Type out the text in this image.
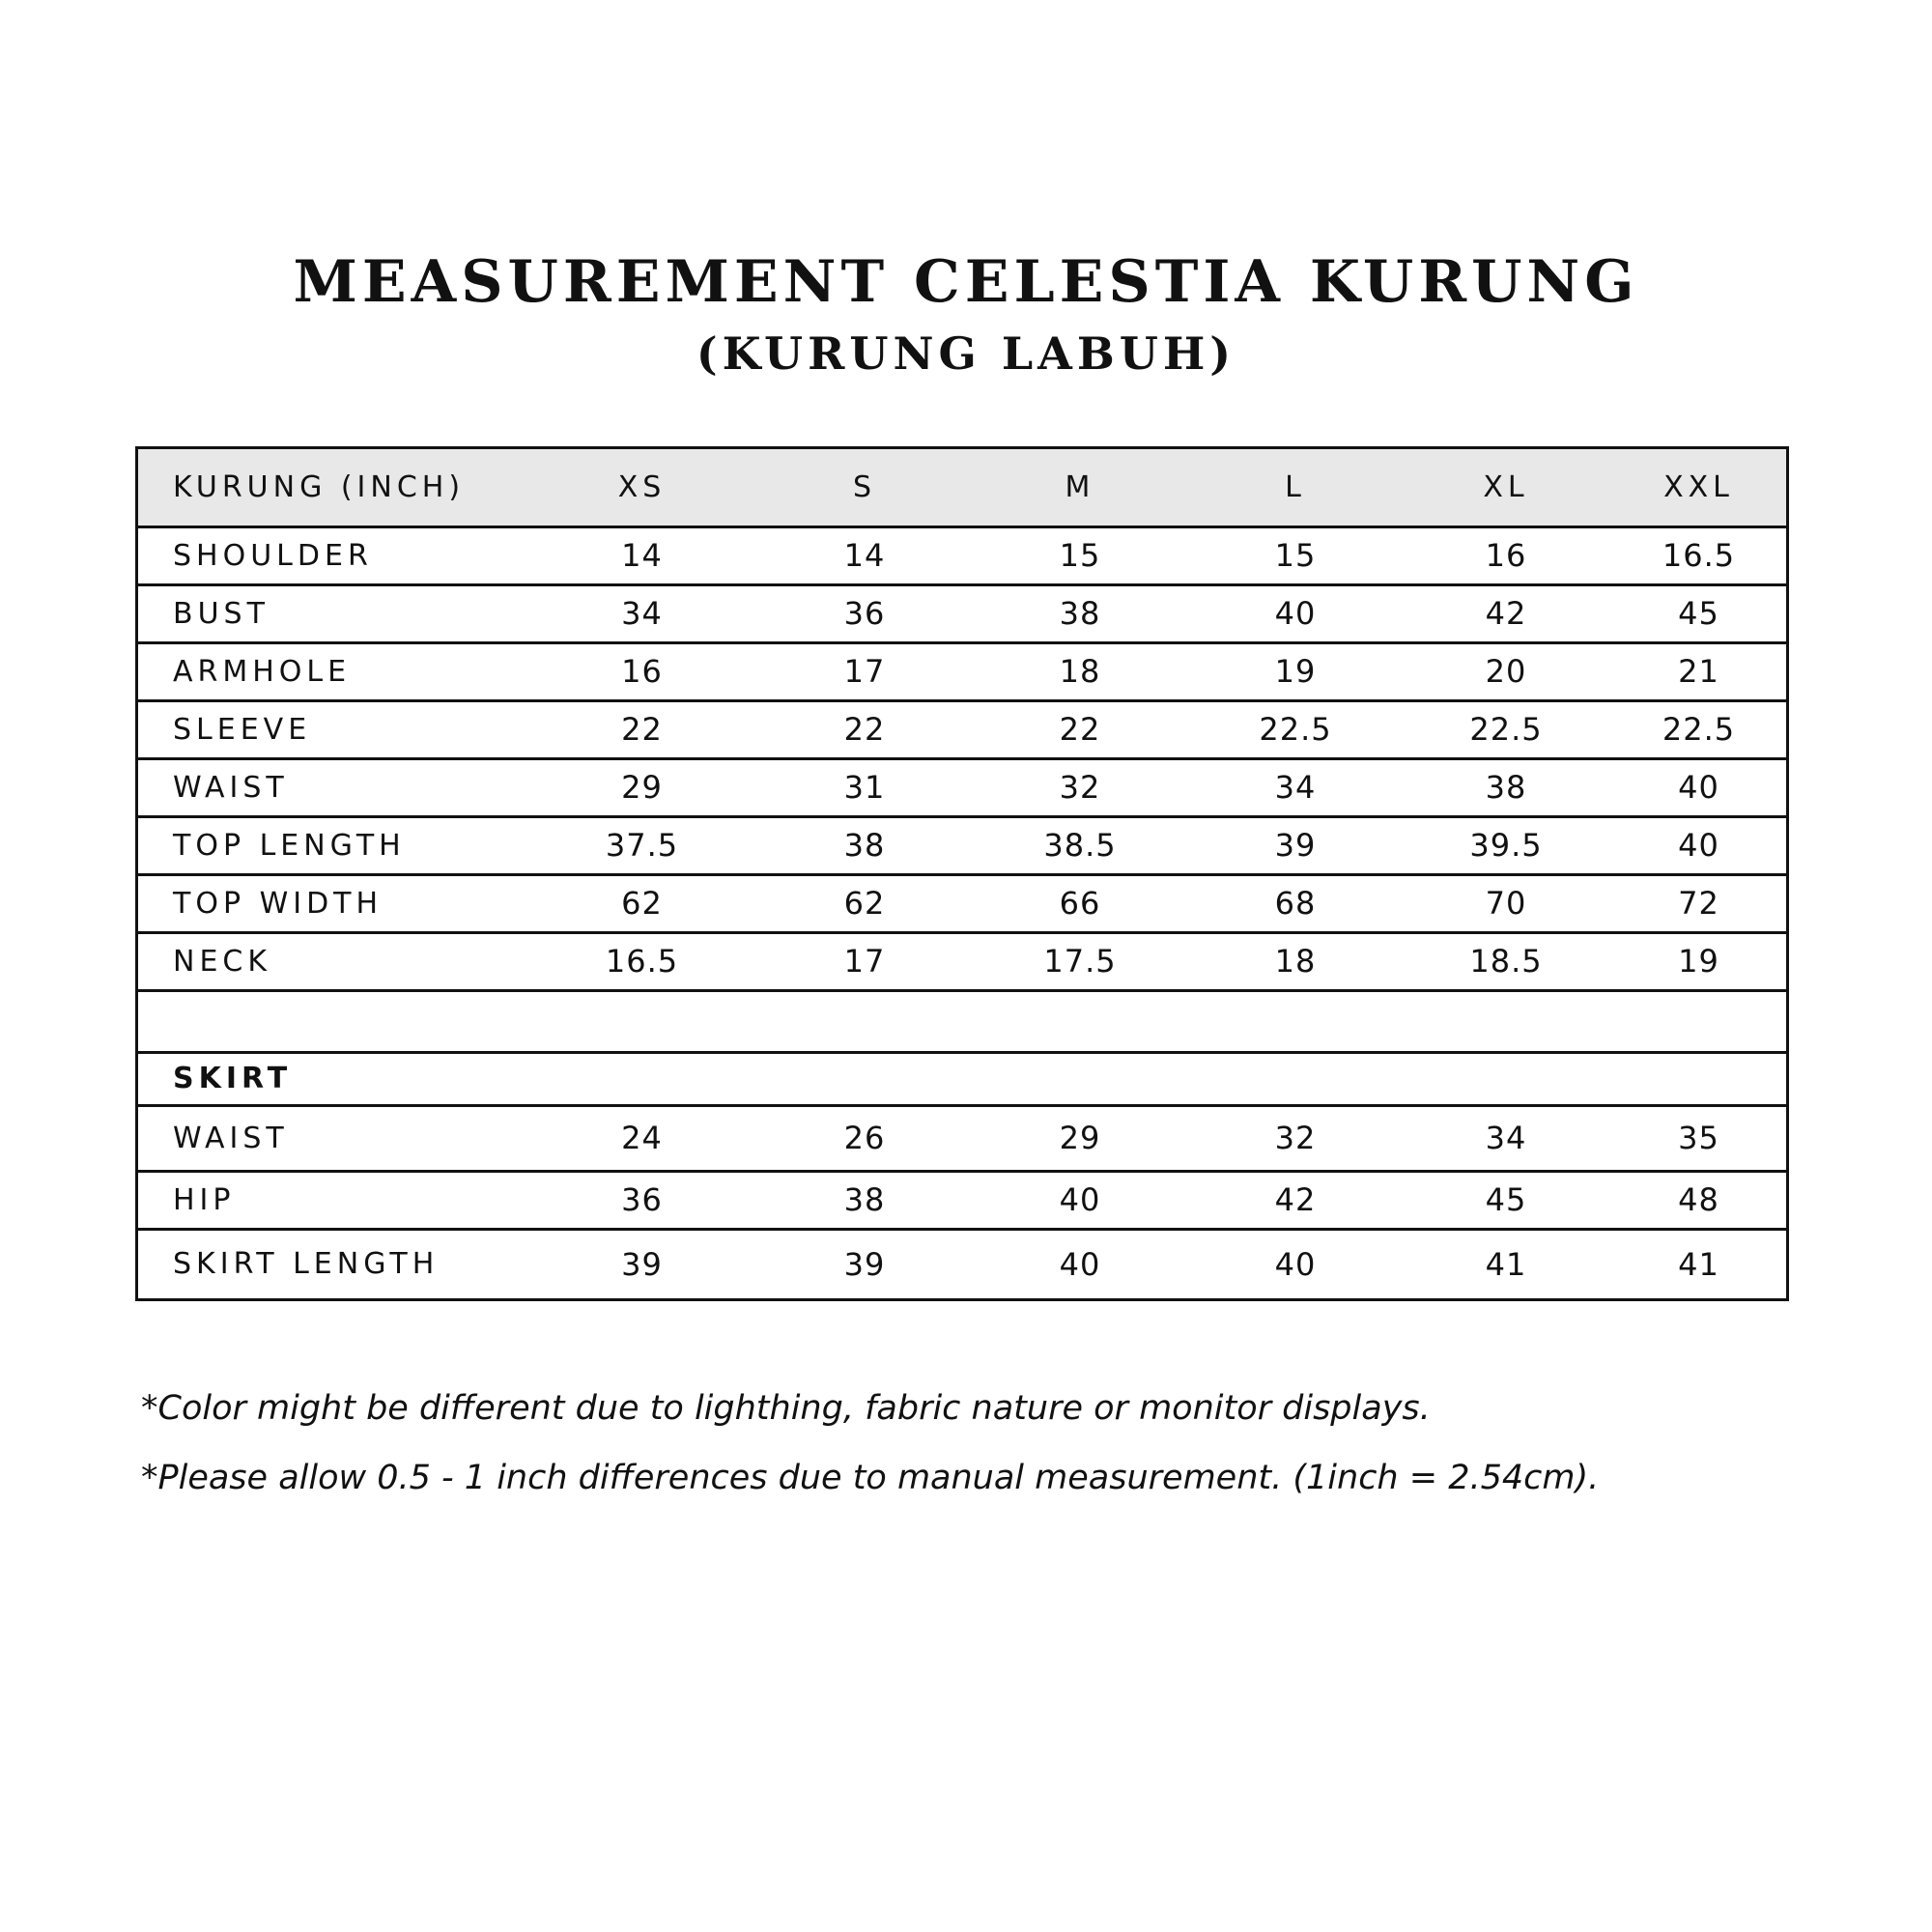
MEASUREMENT CELESTIA KURUNG
(KURUNG LABUH)
KURUNG (INCH)	XS	S	M	L	XL	XXL
SHOULDER	14	14	15	15	16	16.5
BUST	34	36	38	40	42	45
ARMHOLE	16	17	18	19	20	21
SLEEVE	22	22	22	22.5	22.5	22.5
WAIST	29	31	32	34	38	40
TOP LENGTH	37.5	38	38.5	39	39.5	40
TOP WIDTH	62	62	66	68	70	72
NECK	16.5	17	17.5	18	18.5	19

SKIRT						
WAIST	24	26	29	32	34	35
HIP	36	38	40	42	45	48
SKIRT LENGTH	39	39	40	40	41	41

*Color might be different due to lighthing, fabric nature or monitor displays.

*Please allow 0.5 - 1 inch differences due to manual measurement. (1inch = 2.54cm).
